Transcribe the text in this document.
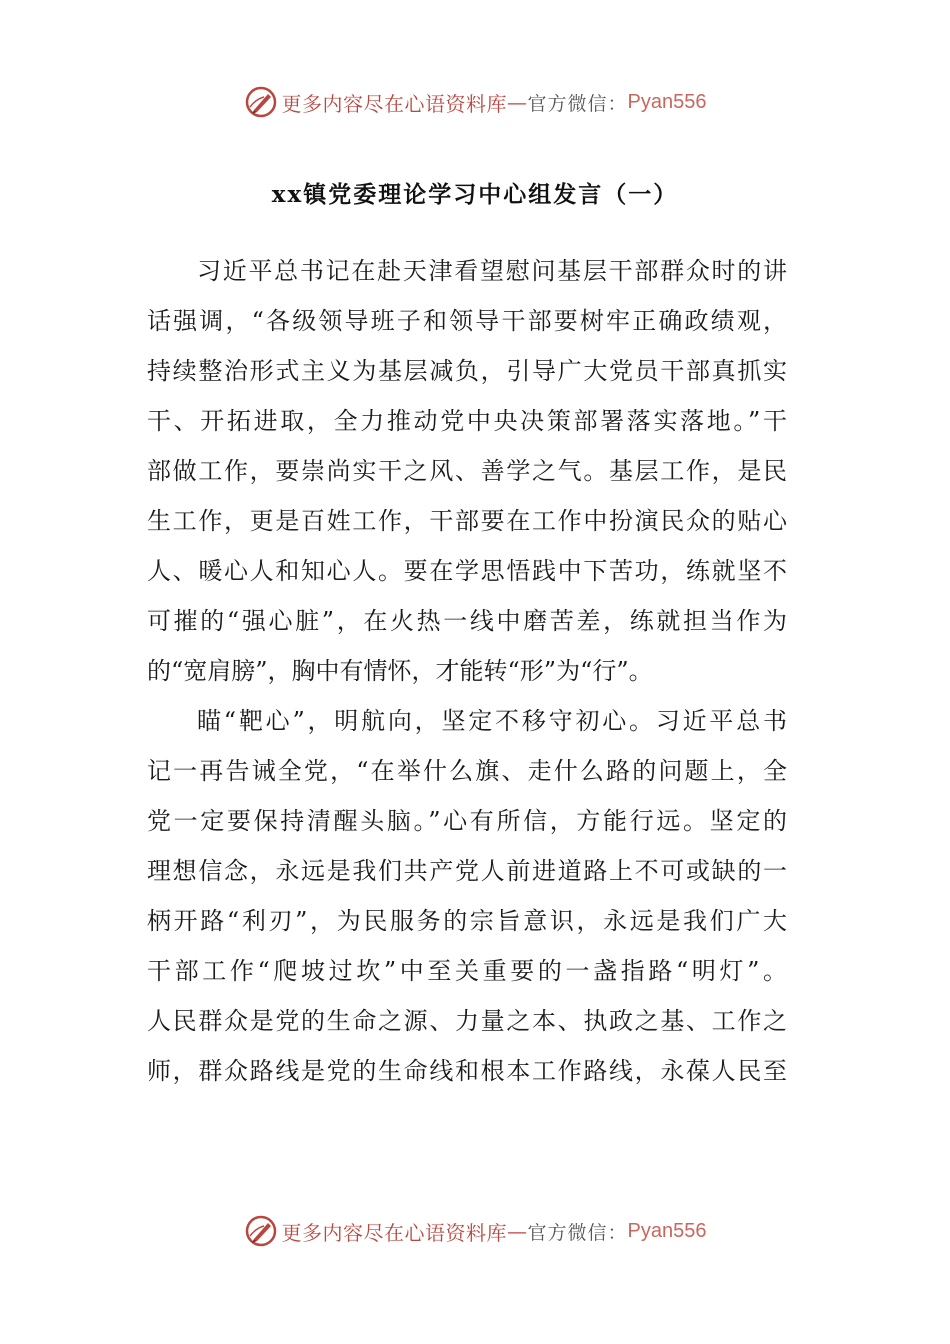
更多内容尽在心语资料库 — 官方微信： Pyan556
xx镇党委理论学习中心组发言（一）
习近平总书记在赴天津看望慰问基层干部群众时的讲
话强调，“各级领导班子和领导干部要树牢正确政绩观，
持续整治形式主义为基层减负，引导广大党员干部真抓实
干、开拓进取，全力推动党中央决策部署落实落地。”干
部做工作，要崇尚实干之风、善学之气。基层工作，是民
生工作，更是百姓工作，干部要在工作中扮演民众的贴心
人、暖心人和知心人。要在学思悟践中下苦功，练就坚不
可摧的“强心脏”，在火热一线中磨苦差，练就担当作为
的“宽肩膀”，胸中有情怀，才能转“形”为“行”。
瞄“靶心”，明航向，坚定不移守初心。习近平总书
记一再告诫全党，“在举什么旗、走什么路的问题上，全
党一定要保持清醒头脑。”心有所信，方能行远。坚定的
理想信念，永远是我们共产党人前进道路上不可或缺的一
柄开路“利刃”，为民服务的宗旨意识，永远是我们广大
干部工作“爬坡过坎”中至关重要的一盏指路“明灯”。
人民群众是党的生命之源、力量之本、执政之基、工作之
师，群众路线是党的生命线和根本工作路线，永葆人民至
更多内容尽在心语资料库 — 官方微信： Pyan556
